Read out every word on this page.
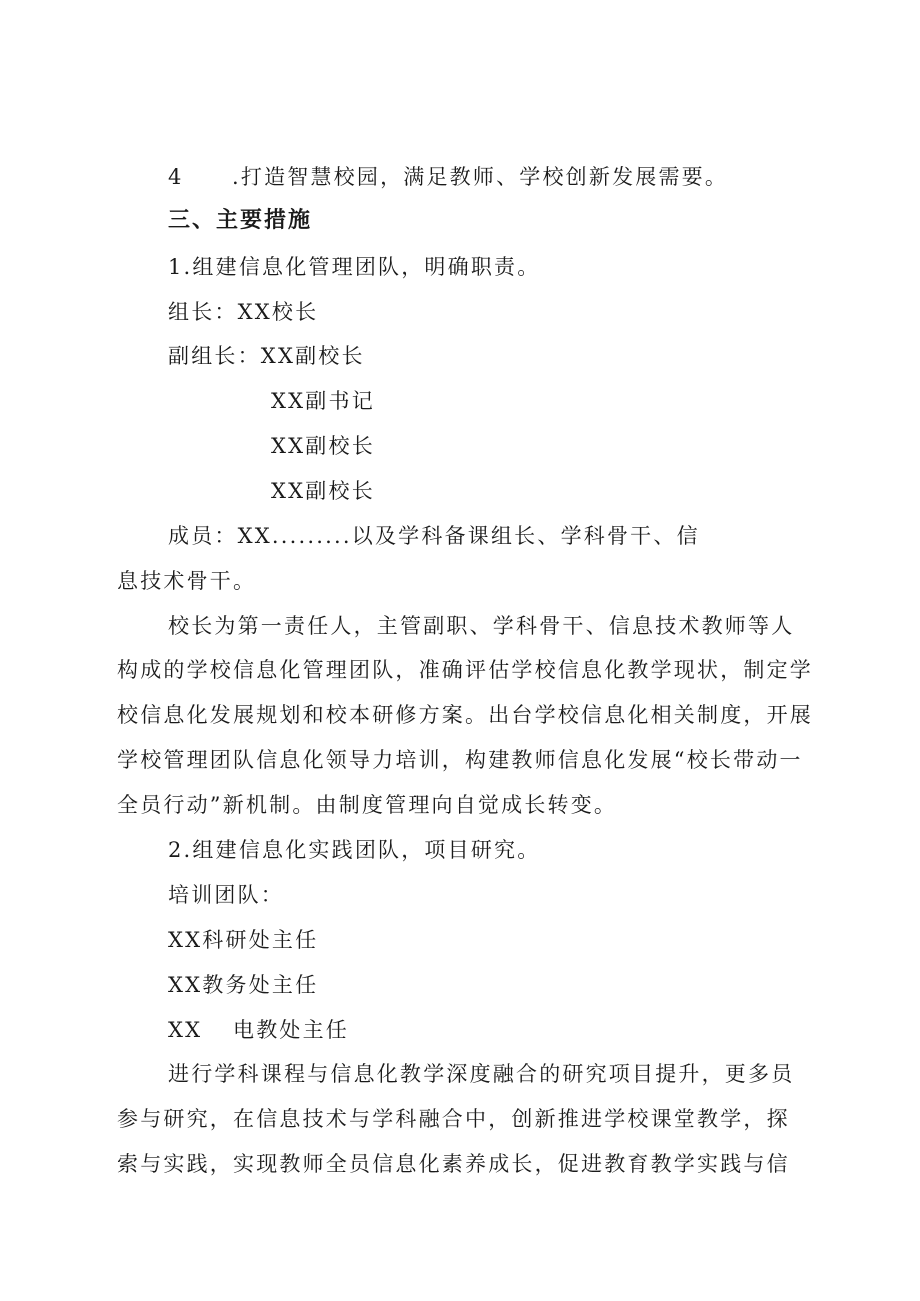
4 .打造智慧校园，满足教师、学校创新发展需要。
三、主要措施
1.组建信息化管理团队，明确职责。
组长：XX校长
副组长：XX副校长
XX副书记
XX副校长
XX副校长
成员：XX.........以及学科备课组长、学科骨干、信
息技术骨干。
校长为第一责任人，主管副职、学科骨干、信息技术教师等人
构成的学校信息化管理团队，准确评估学校信息化教学现状，制定学
校信息化发展规划和校本研修方案。出台学校信息化相关制度，开展
学校管理团队信息化领导力培训，构建教师信息化发展“校长带动一
全员行动”新机制。由制度管理向自觉成长转变。
2.组建信息化实践团队，项目研究。
培训团队：
XX科研处主任
XX教务处主任
XX 电教处主任
进行学科课程与信息化教学深度融合的研究项目提升，更多员
参与研究，在信息技术与学科融合中，创新推进学校课堂教学，探
索与实践，实现教师全员信息化素养成长，促进教育教学实践与信
